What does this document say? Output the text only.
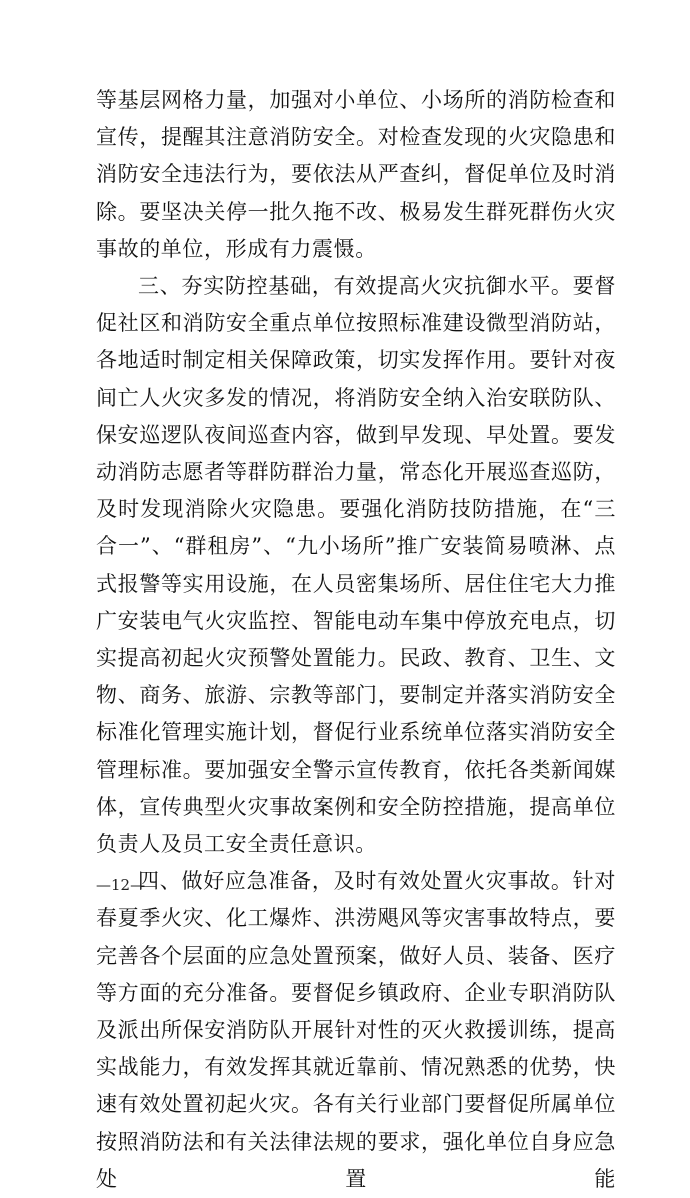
等基层网格力量，加强对小单位、小场所的消防检查和宣传，提醒其注意消防安全。对检查发现的火灾隐患和消防安全违法行为，要依法从严查纠，督促单位及时消除。要坚决关停一批久拖不改、极易发生群死群伤火灾事故的单位，形成有力震慑。

三、夯实防控基础，有效提高火灾抗御水平。要督促社区和消防安全重点单位按照标准建设微型消防站，各地适时制定相关保障政策，切实发挥作用。要针对夜间亡人火灾多发的情况，将消防安全纳入治安联防队、保安巡逻队夜间巡查内容，做到早发现、早处置。要发动消防志愿者等群防群治力量，常态化开展巡查巡防，及时发现消除火灾隐患。要强化消防技防措施，在“三合一”、“群租房”、“九小场所”推广安装简易喷淋、点式报警等实用设施，在人员密集场所、居住住宅大力推广安装电气火灾监控、智能电动车集中停放充电点，切实提高初起火灾预警处置能力。民政、教育、卫生、文物、商务、旅游、宗教等部门，要制定并落实消防安全标准化管理实施计划，督促行业系统单位落实消防安全管理标准。要加强安全警示宣传教育，依托各类新闻媒体，宣传典型火灾事故案例和安全防控措施，提高单位负责人及员工安全责任意识。

四、做好应急准备，及时有效处置火灾事故。针对春夏季火灾、化工爆炸、洪涝飓风等灾害事故特点，要完善各个层面的应急处置预案，做好人员、装备、医疗等方面的充分准备。要督促乡镇政府、企业专职消防队及派出所保安消防队开展针对性的灭火救援训练，提高实战能力，有效发挥其就近靠前、情况熟悉的优势，快速有效处置初起火灾。各有关行业部门要督促所属单位按照消防法和有关法律法规的要求，强化单位自身应急处置能

—12—
